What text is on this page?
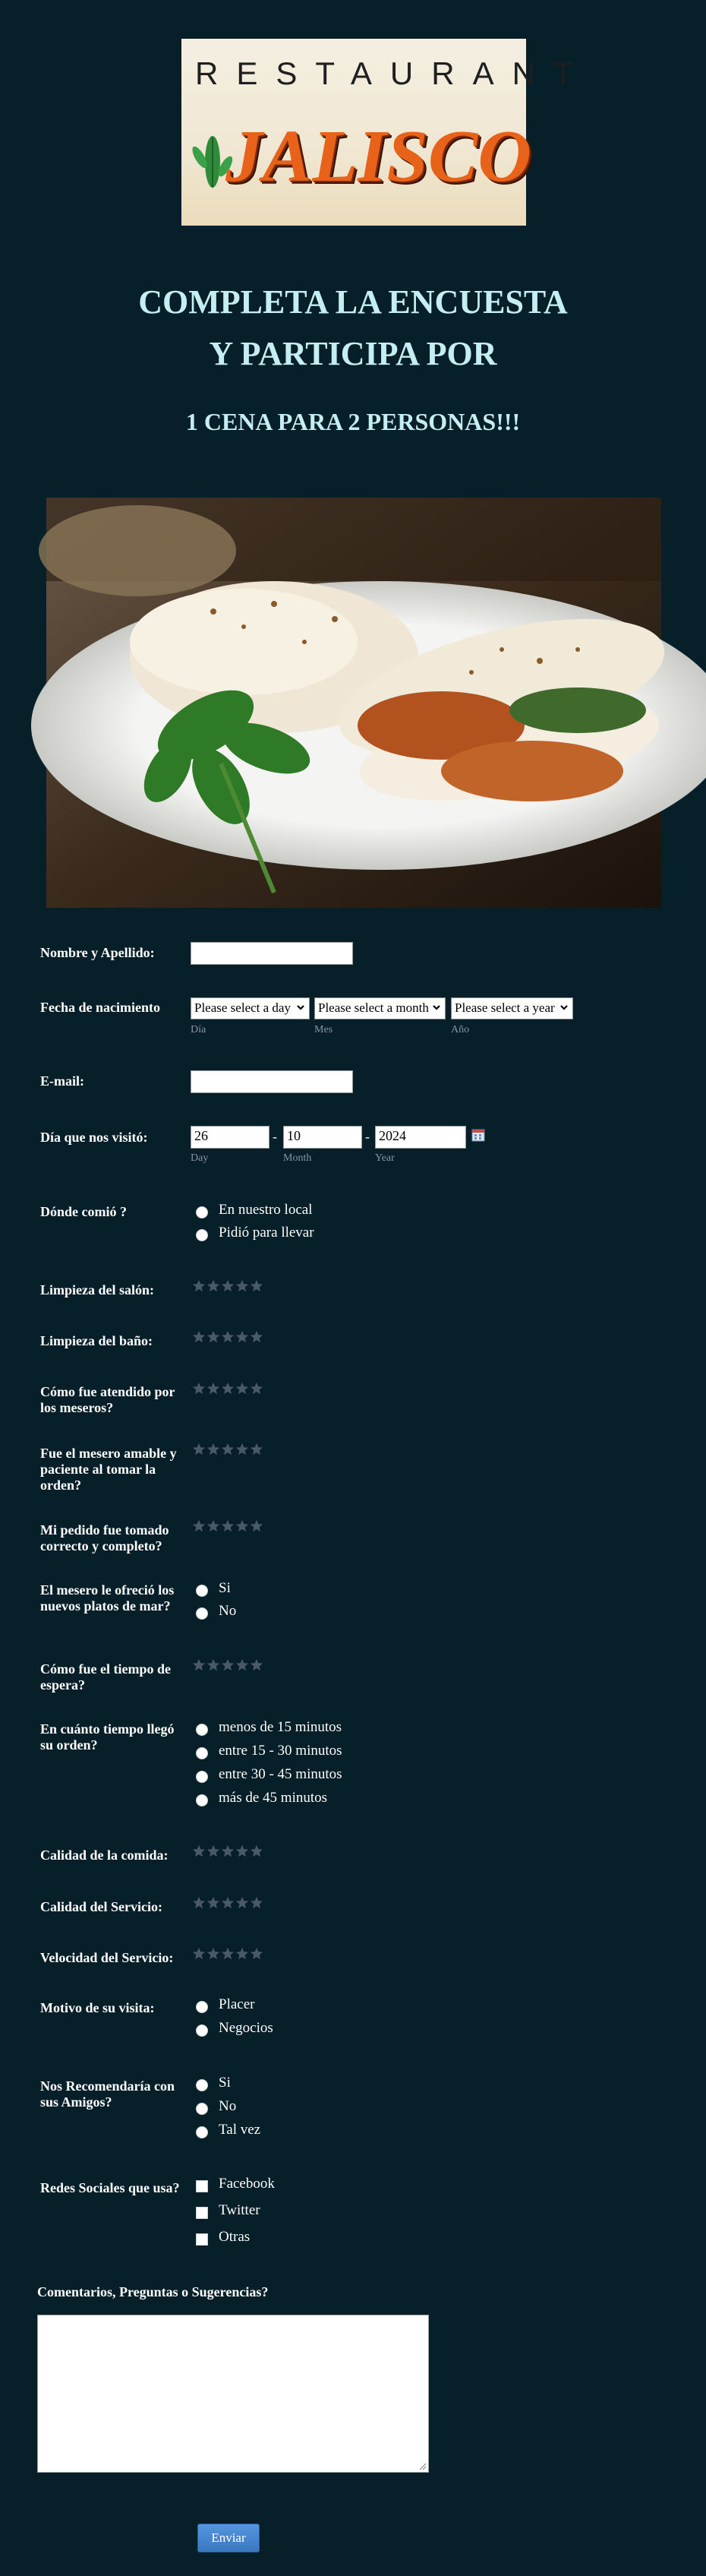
RESTAURANT
JALISCO
COMPLETA LA ENCUESTA
Y PARTICIPA POR
1 CENA PARA 2 PERSONAS!!!
Nombre y Apellido:
Fecha de nacimiento	Please select a day	Please select a month	Please select a year
Día	Mes	Año
E-mail:
Día que nos visitó:	26	- 10	- 2024
Day	Month	Year
Dónde comió ?	En nuestro local
Pidió para llevar
Limpieza del salón:
Limpieza del baño:
Cómo fue atendido por los meseros?
Fue el mesero amable y paciente al tomar la orden?
Mi pedido fue tomado correcto y completo?
El mesero le ofreció los nuevos platos de mar?
Si
No
Cómo fue el tiempo de espera?
En cuánto tiempo llegó su orden?
menos de 15 minutos
entre 15 - 30 minutos
entre 30 - 45 minutos
más de 45 minutos
Calidad de la comida:
Calidad del Servicio:
Velocidad del Servicio:
Motivo de su visita:	Placer
Negocios
Nos Recomendaría con sus Amigos?
Si
No
Tal vez
Redes Sociales que usa?	Facebook
Twitter
Otras
Comentarios, Preguntas o Sugerencias?
Enviar
